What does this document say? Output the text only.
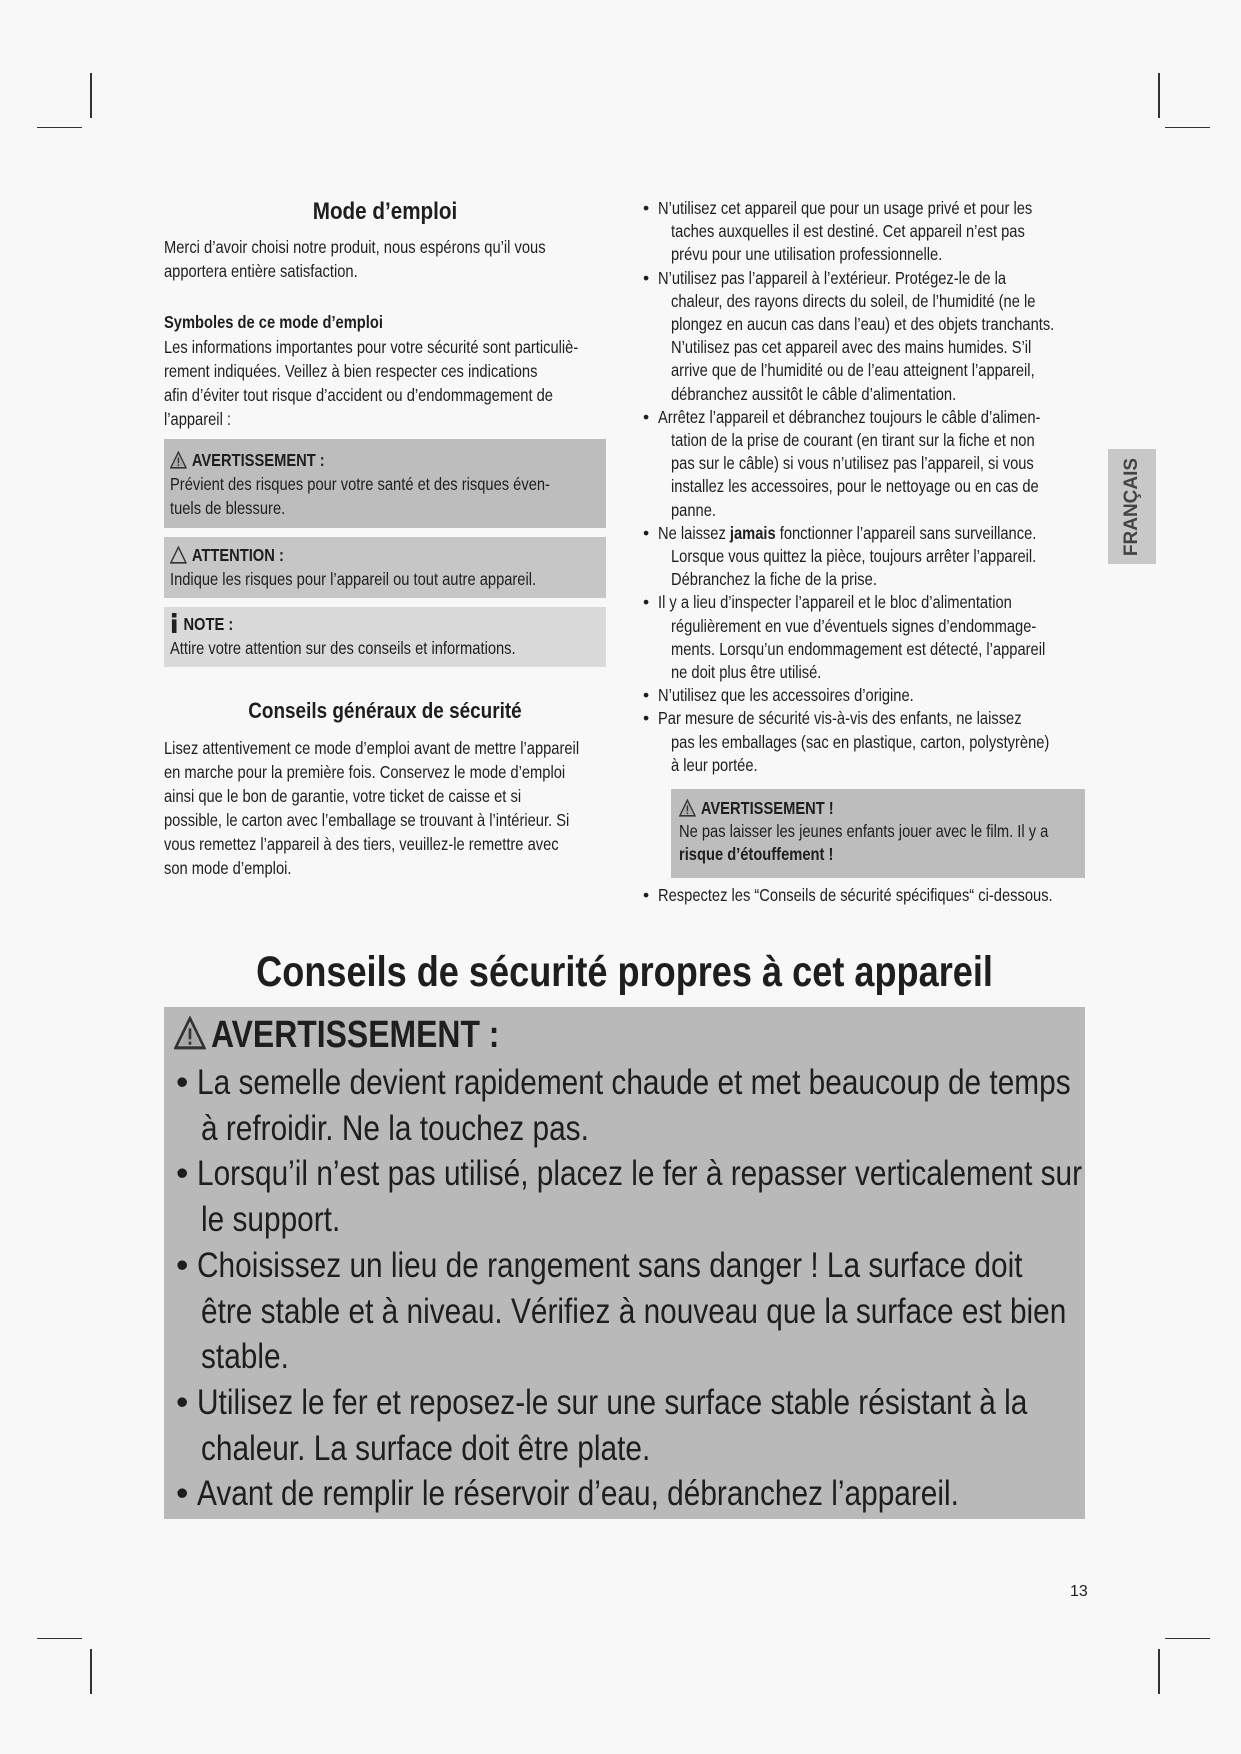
Mode d’emploi
Merci d’avoir choisi notre produit, nous espérons qu’il vous
apportera entière satisfaction.
Symboles de ce mode d’emploi
Les informations importantes pour votre sécurité sont particuliè-
rement indiquées. Veillez à bien respecter ces indications
afin d’éviter tout risque d’accident ou d’endommagement de
l’appareil :
AVERTISSEMENT :
Prévient des risques pour votre santé et des risques éven-
tuels de blessure.
ATTENTION :
Indique les risques pour l’appareil ou tout autre appareil.
NOTE :
Attire votre attention sur des conseils et informations.
Conseils généraux de sécurité
Lisez attentivement ce mode d’emploi avant de mettre l’appareil
en marche pour la première fois. Conservez le mode d’emploi
ainsi que le bon de garantie, votre ticket de caisse et si
possible, le carton avec l’emballage se trouvant à l’intérieur. Si
vous remettez l’appareil à des tiers, veuillez-le remettre avec
son mode d’emploi.
• N’utilisez cet appareil que pour un usage privé et pour les
taches auxquelles il est destiné. Cet appareil n’est pas
prévu pour une utilisation professionnelle.
• N’utilisez pas l’appareil à l’extérieur. Protégez-le de la
chaleur, des rayons directs du soleil, de l’humidité (ne le
plongez en aucun cas dans l’eau) et des objets tranchants.
N’utilisez pas cet appareil avec des mains humides. S’il
arrive que de l’humidité ou de l’eau atteignent l’appareil,
débranchez aussitôt le câble d’alimentation.
• Arrêtez l’appareil et débranchez toujours le câble d’alimen-
tation de la prise de courant (en tirant sur la fiche et non
pas sur le câble) si vous n’utilisez pas l’appareil, si vous
installez les accessoires, pour le nettoyage ou en cas de
panne.
• Ne laissez jamais fonctionner l’appareil sans surveillance.
Lorsque vous quittez la pièce, toujours arrêter l’appareil.
Débranchez la fiche de la prise.
• Il y a lieu d’inspecter l’appareil et le bloc d’alimentation
régulièrement en vue d’éventuels signes d’endommage-
ments. Lorsqu’un endommagement est détecté, l’appareil
ne doit plus être utilisé.
• N’utilisez que les accessoires d’origine.
• Par mesure de sécurité vis-à-vis des enfants, ne laissez
pas les emballages (sac en plastique, carton, polystyrène)
à leur portée.
AVERTISSEMENT !
Ne pas laisser les jeunes enfants jouer avec le film. Il y a
risque d’étouffement !
• Respectez les “Conseils de sécurité spécifiques“ ci-dessous.
FRANÇAIS
Conseils de sécurité propres à cet appareil
AVERTISSEMENT :
• La semelle devient rapidement chaude et met beaucoup de temps
à refroidir. Ne la touchez pas.
• Lorsqu’il n’est pas utilisé, placez le fer à repasser verticalement sur
le support.
• Choisissez un lieu de rangement sans danger ! La surface doit
être stable et à niveau. Vérifiez à nouveau que la surface est bien
stable.
• Utilisez le fer et reposez-le sur une surface stable résistant à la
chaleur. La surface doit être plate.
• Avant de remplir le réservoir d’eau, débranchez l’appareil.
13
